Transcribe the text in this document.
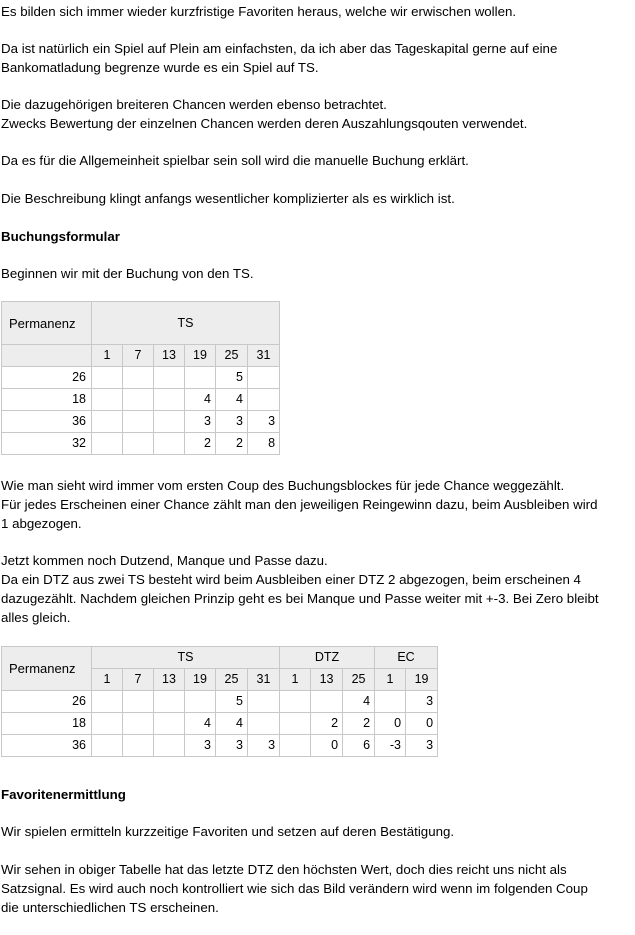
Es bilden sich immer wieder kurzfristige Favoriten heraus, welche wir erwischen wollen.
Da ist natürlich ein Spiel auf Plein am einfachsten, da ich aber das Tageskapital gerne auf eine
Bankomatladung begrenze wurde es ein Spiel auf TS.
Die dazugehörigen breiteren Chancen werden ebenso betrachtet.
Zwecks Bewertung der einzelnen Chancen werden deren Auszahlungsqouten verwendet.
Da es für die Allgemeinheit spielbar sein soll wird die manuelle Buchung erklärt.
Die Beschreibung klingt anfangs wesentlicher komplizierter als es wirklich ist.
Buchungsformular
Beginnen wir mit der Buchung von den TS.
Permanenz	TS					
	1	7	13	19	25	31
26					5	
18				4	4	
36				3	3	3
32				2	2	8
Wie man sieht wird immer vom ersten Coup des Buchungsblockes für jede Chance weggezählt.
Für jedes Erscheinen einer Chance zählt man den jeweiligen Reingewinn dazu, beim Ausbleiben wird
1 abgezogen.
Jetzt kommen noch Dutzend, Manque und Passe dazu.
Da ein DTZ aus zwei TS besteht wird beim Ausbleiben einer DTZ 2 abgezogen, beim erscheinen 4
dazugezählt. Nachdem gleichen Prinzip geht es bei Manque und Passe weiter mit +-3. Bei Zero bleibt
alles gleich.
Permanenz	TS						DTZ			EC	
	1	7	13	19	25	31	1	13	25	1	19
26					5				4		3
18				4	4			2	2	0	0
36				3	3	3		0	6	-3	3
Favoritenermittlung
Wir spielen ermitteln kurzzeitige Favoriten und setzen auf deren Bestätigung.
Wir sehen in obiger Tabelle hat das letzte DTZ den höchsten Wert, doch dies reicht uns nicht als
Satzsignal. Es wird auch noch kontrolliert wie sich das Bild verändern wird wenn im folgenden Coup
die unterschiedlichen TS erscheinen.
